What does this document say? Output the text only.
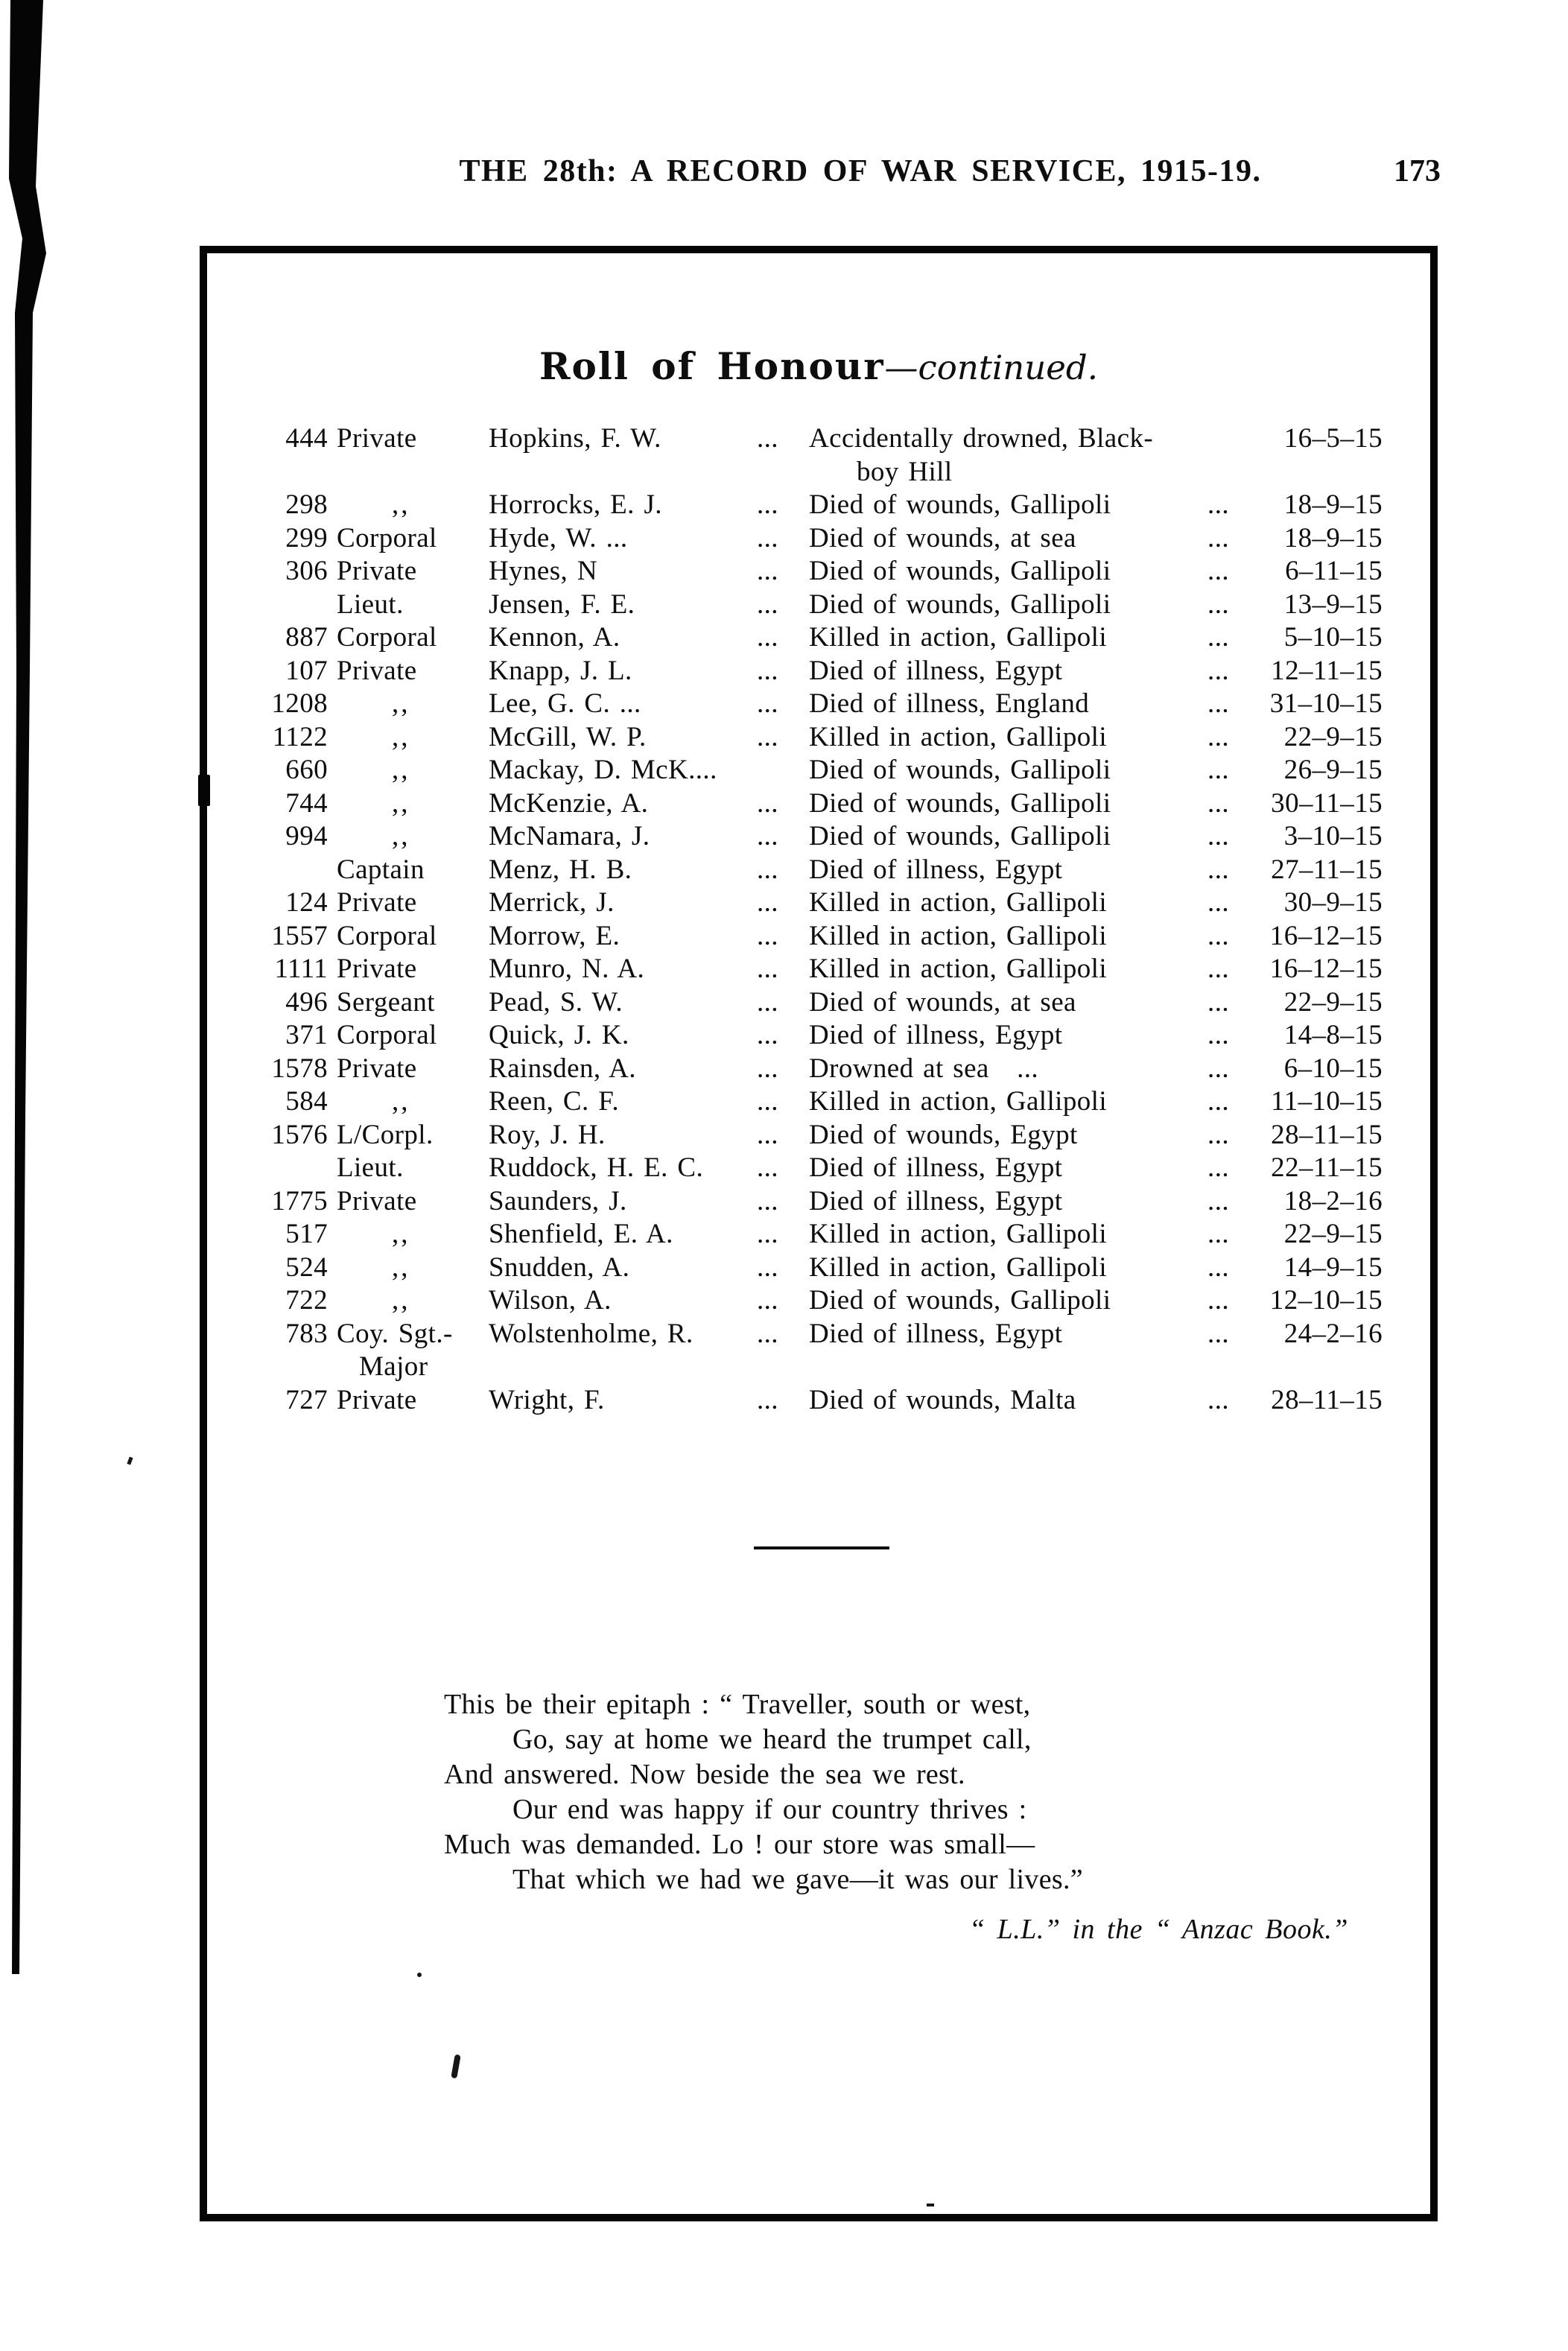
THE 28th: A RECORD OF WAR SERVICE, 1915-19.	173
Roll of Honour—continued.
444 Private	Hopkins, F. W.	...	Accidentally drowned, Black-	16–5–15
boy Hill
298	,,	Horrocks, E. J.	...	Died of wounds, Gallipoli	...	18–9–15
299 Corporal	Hyde, W. ...	...	Died of wounds, at sea	...	18–9–15
306 Private	Hynes, N	...	Died of wounds, Gallipoli	...	6–11–15
Lieut.	Jensen, F. E.	...	Died of wounds, Gallipoli	...	13–9–15
887 Corporal	Kennon, A.	...	Killed in action, Gallipoli	...	5–10–15
107 Private	Knapp, J. L.	...	Died of illness, Egypt	...	12–11–15
1208	,,	Lee, G. C. ...	...	Died of illness, England	...	31–10–15
1122	,,	McGill, W. P.	...	Killed in action, Gallipoli	...	22–9–15
660	,,	Mackay, D. McK....	Died of wounds, Gallipoli	...	26–9–15
744	,,	McKenzie, A.	...	Died of wounds, Gallipoli	...	30–11–15
994	,,	McNamara, J.	...	Died of wounds, Gallipoli	...	3–10–15
Captain	Menz, H. B.	...	Died of illness, Egypt	...	27–11–15
124 Private	Merrick, J.	...	Killed in action, Gallipoli	...	30–9–15
1557 Corporal	Morrow, E.	...	Killed in action, Gallipoli	...	16–12–15
1111 Private	Munro, N. A.	...	Killed in action, Gallipoli	...	16–12–15
496 Sergeant	Pead, S. W.	...	Died of wounds, at sea	...	22–9–15
371 Corporal	Quick, J. K.	...	Died of illness, Egypt	...	14–8–15
1578 Private	Rainsden, A.	...	Drowned at sea ...	...	6–10–15
584	,,	Reen, C. F.	...	Killed in action, Gallipoli	...	11–10–15
1576 L/Corpl.	Roy, J. H.	...	Died of wounds, Egypt	...	28–11–15
Lieut.	Ruddock, H. E. C.	...	Died of illness, Egypt	...	22–11–15
1775 Private	Saunders, J.	...	Died of illness, Egypt	...	18–2–16
517	,,	Shenfield, E. A.	...	Killed in action, Gallipoli	...	22–9–15
524	,,	Snudden, A.	...	Killed in action, Gallipoli	...	14–9–15
722	,,	Wilson, A.	...	Died of wounds, Gallipoli	...	12–10–15
783 Coy. Sgt.-	Wolstenholme, R.	...	Died of illness, Egypt	...	24–2–16
Major
727 Private	Wright, F.	...	Died of wounds, Malta	...	28–11–15
This be their epitaph : “ Traveller, south or west,
Go, say at home we heard the trumpet call,
And answered. Now beside the sea we rest.
Our end was happy if our country thrives :
Much was demanded. Lo ! our store was small—
That which we had we gave—it was our lives.”
“ L.L.” in the “ Anzac Book.”
